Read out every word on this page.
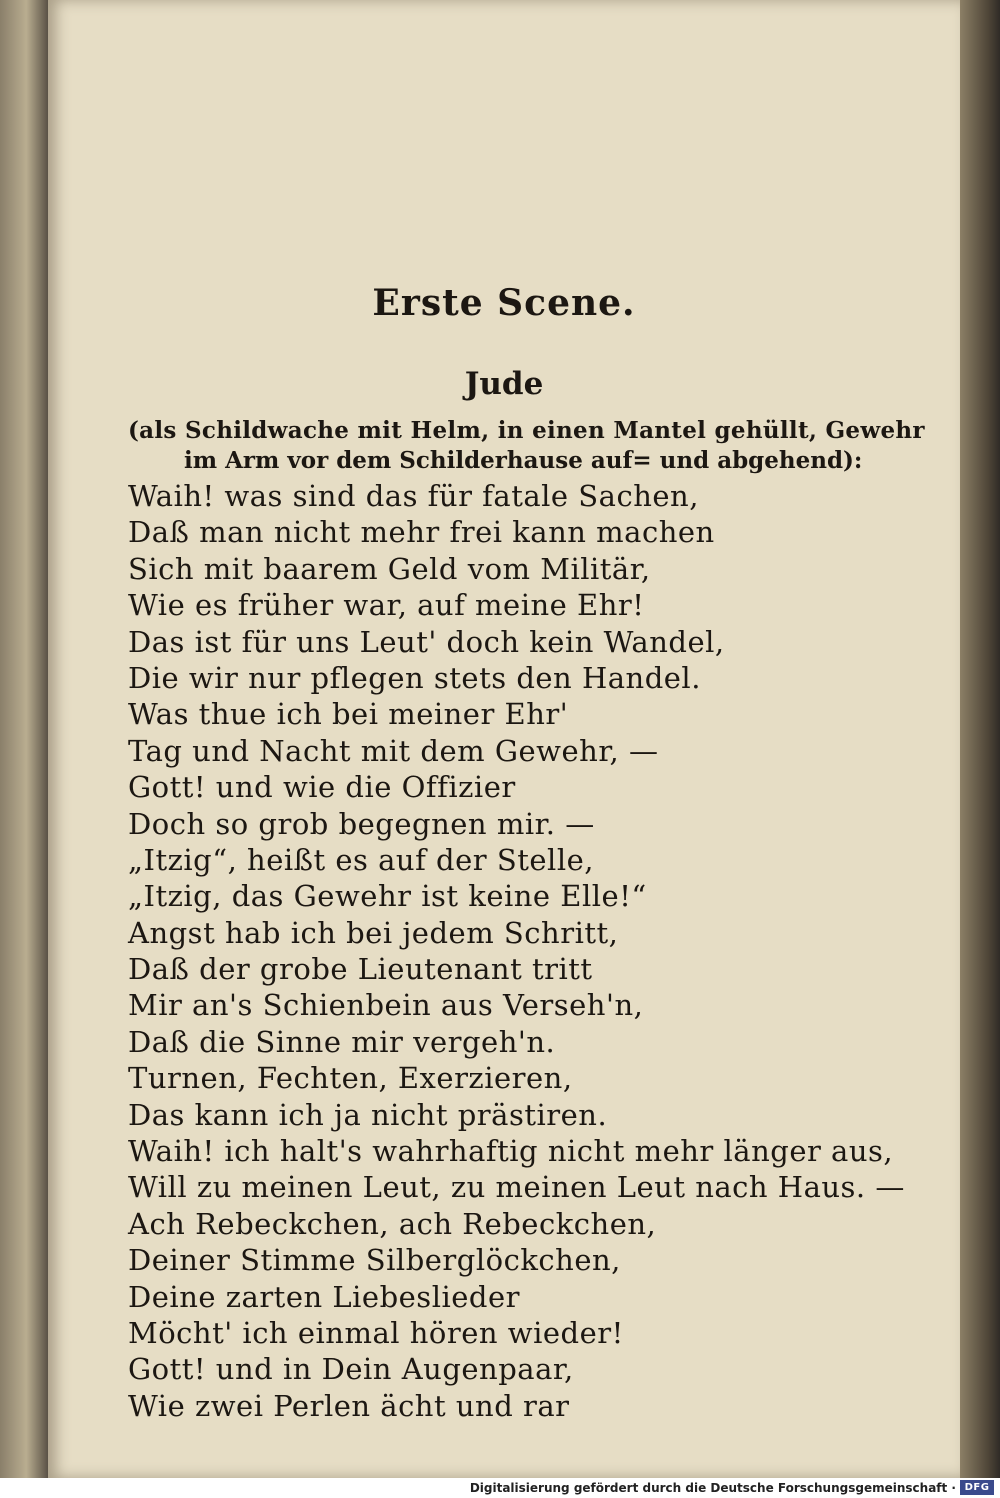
Erste Scene.
Jude
(als Schildwache mit Helm, in einen Mantel gehüllt, Gewehr
im Arm vor dem Schilderhause auf= und abgehend):
Waih! was sind das für fatale Sachen,
Daß man nicht mehr frei kann machen
Sich mit baarem Geld vom Militär,
Wie es früher war, auf meine Ehr!
Das ist für uns Leut' doch kein Wandel,
Die wir nur pflegen stets den Handel.
Was thue ich bei meiner Ehr'
Tag und Nacht mit dem Gewehr, —
Gott! und wie die Offizier
Doch so grob begegnen mir. —
„Itzig“, heißt es auf der Stelle,
„Itzig, das Gewehr ist keine Elle!“
Angst hab ich bei jedem Schritt,
Daß der grobe Lieutenant tritt
Mir an's Schienbein aus Verseh'n,
Daß die Sinne mir vergeh'n.
Turnen, Fechten, Exerzieren,
Das kann ich ja nicht prästiren.
Waih! ich halt's wahrhaftig nicht mehr länger aus,
Will zu meinen Leut, zu meinen Leut nach Haus. —
Ach Rebeckchen, ach Rebeckchen,
Deiner Stimme Silberglöckchen,
Deine zarten Liebeslieder
Möcht' ich einmal hören wieder!
Gott! und in Dein Augenpaar,
Wie zwei Perlen ächt und rar
Digitalisierung gefördert durch die Deutsche Forschungsgemeinschaft · DFG
